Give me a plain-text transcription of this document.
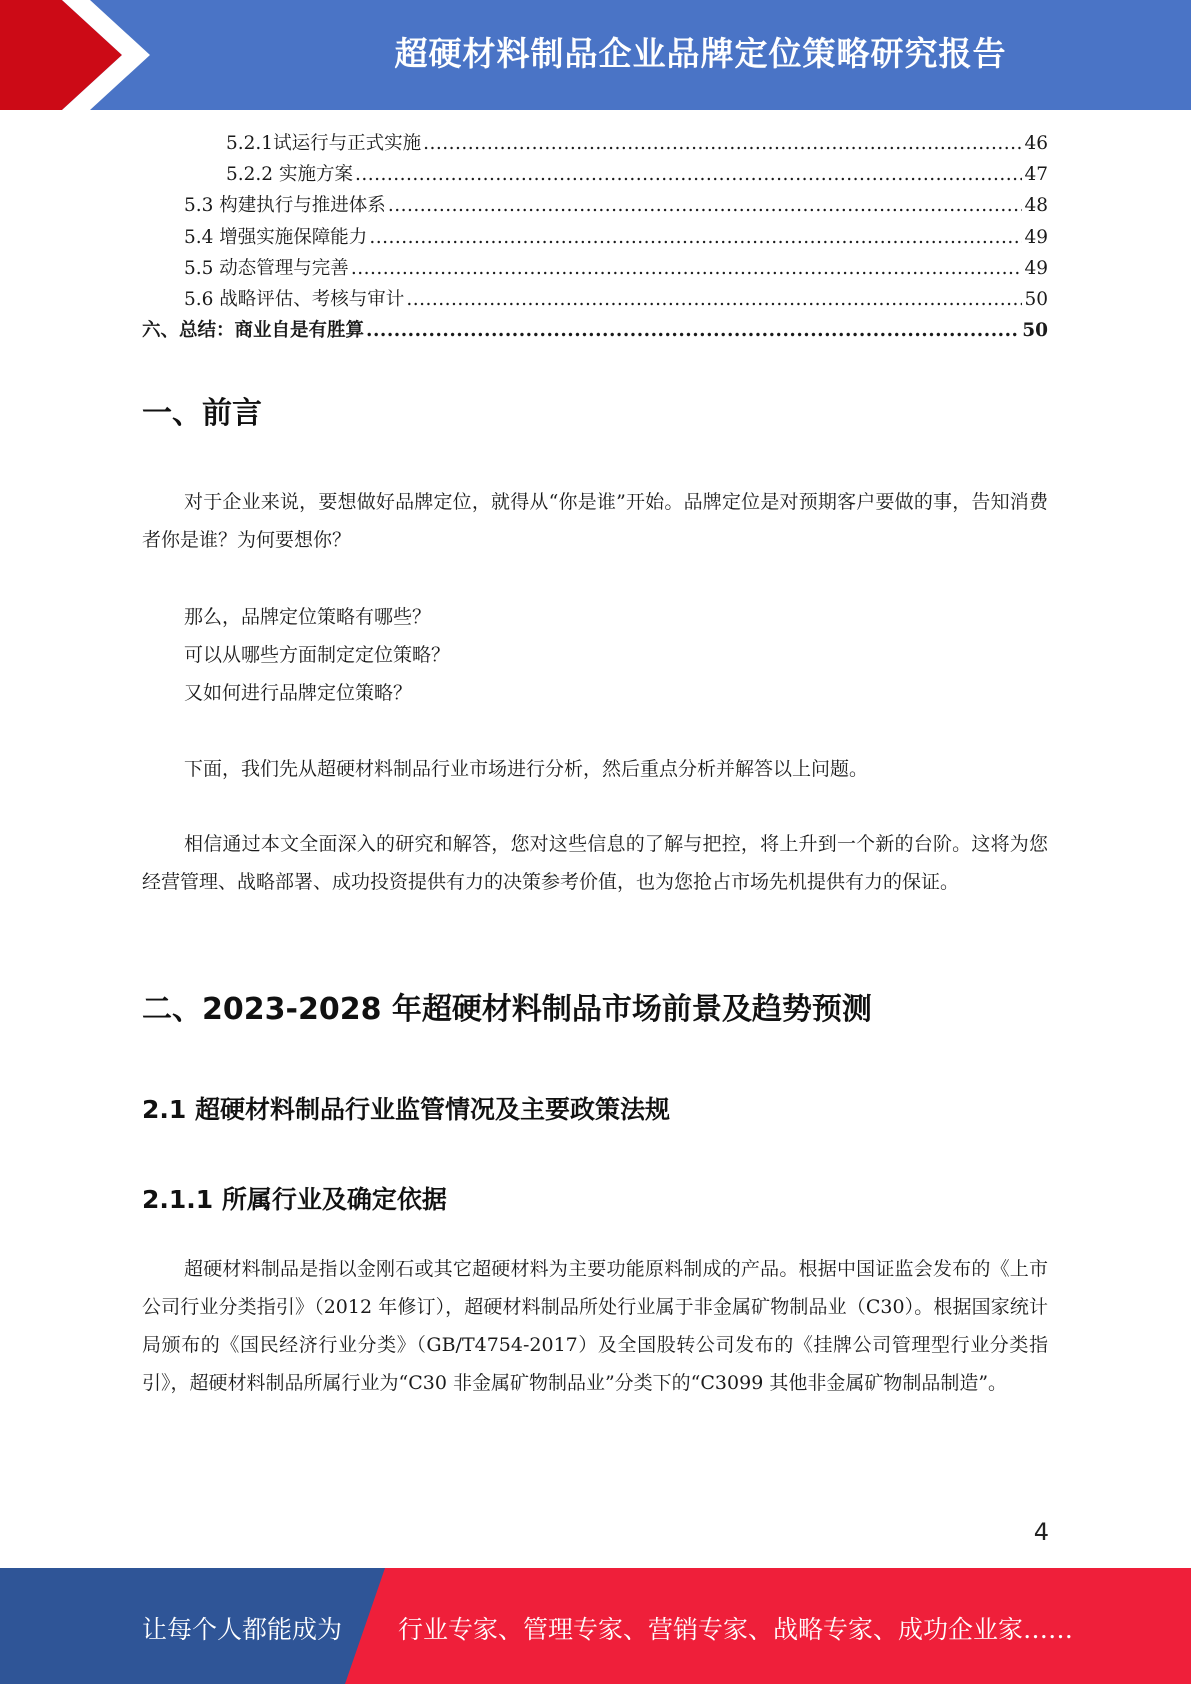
超硬材料制品企业品牌定位策略研究报告
5.2.1 试运行与正式实施 .....	46
5.2.2 实施方案 .....	47
5.3 构建执行与推进体系 .....	48
5.4 增强实施保障能力 .....	49
5.5 动态管理与完善 .....	49
5.6 战略评估、考核与审计 .....	50
六、 总结：商业自是有胜算 .....	50
一、前言
对于企业来说，要想做好品牌定位，就得从“你是谁”开始。品牌定位是对预期客户要做的事，告知消费者你是谁？为何要想你？
那么，品牌定位策略有哪些？
可以从哪些方面制定定位策略？
又如何进行品牌定位策略？
下面，我们先从超硬材料制品行业市场进行分析，然后重点分析并解答以上问题。
相信通过本文全面深入的研究和解答，您对这些信息的了解与把控，将上升到一个新的台阶。这将为您经营管理、战略部署、成功投资提供有力的决策参考价值，也为您抢占市场先机提供有力的保证。
二、2023-2028 年超硬材料制品市场前景及趋势预测
2.1 超硬材料制品行业监管情况及主要政策法规
2.1.1 所属行业及确定依据
超硬材料制品是指以金刚石或其它超硬材料为主要功能原料制成的产品。根据中国证监会发布的《上市公司行业分类指引》（2012 年修订），超硬材料制品所处行业属于非金属矿物制品业（C30）。根据国家统计局颁布的《国民经济行业分类》（GB/T4754-2017）及全国股转公司发布的《挂牌公司管理型行业分类指引》，超硬材料制品所属行业为“C30 非金属矿物制品业”分类下的“C3099 其他非金属矿物制品制造”。
4
让每个人都能成为 行业专家、管理专家、营销专家、战略专家、成功企业家……
